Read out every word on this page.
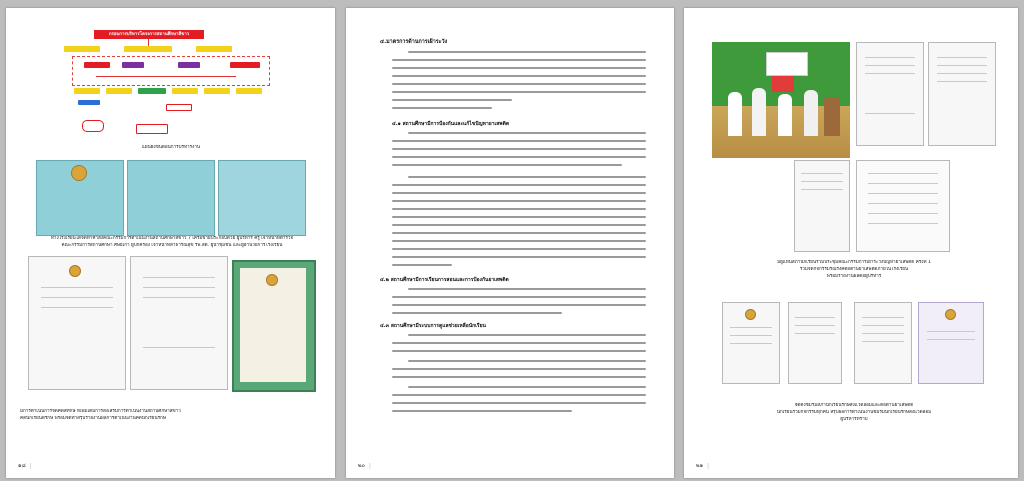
กรอบการบริหารโครงการสถานศึกษาสีขาว
แผนผังขั้นตอนการบริหารงาน
ทางโรงเรียนได้จัดทำคำสั่งคณะกรรมการดำเนินงานสถานศึกษาสีขาว 7 เครือข่ายประกอบด้วย ผู้บริหาร ครู เจ้าหน้าที่ตำรวจ
คณะกรรมการสถานศึกษา ศิษย์เก่า ผู้ปกครอง เจ้าหน้าที่สาธารณสุข รพ.สต. ผู้นำชุมชน และผู้อำนวยการโรงเรียน
มีการดำเนินการจัดคิดสิทักษ์ ที่เพิ่มเติมการส่งเสริมการดำเนินงานสถานศึกษาสีขาว
คดีนักเรียนดีรักษ์ พร้อมจัดทำสรุปรายงานผลการดำเนินงานคดีนักเรียนรักษ์
๑๘ |
๔.มาตรการด้านการเฝ้าระวัง
๔.๑ สถานศึกษามีการป้องกันและแก้ไขปัญหายาเสพติด
๔.๒ สถานศึกษามีการเรียนการสอนและการป้องกันยาเสพติด
๔.๓ สถานศึกษามีระบบการดูแลช่วยเหลือนักเรียน
๒๐ |
มีผู้แทนสภานักเรียนร่วมประชุมคณะกรรมการเฝ้าระวังปัญหายาเสพติด ครั้งที่ 1
ร่วมจัดกิจกรรมรณรงค์ต่อต้านยาเสพติดภายในโรงเรียน
พร้อมรายงานผลต่อผู้บริหาร
จัดตั้งชมรมสภานักเรียนรักษ์สิ่งแวดล้อมและต่อต้านยาเสพติด
นักเรียนร่วมกิจกรรมทุกคน สรุปผลการดำเนินงานชมรมนักเรียนรักษ์สิ่งแวดล้อม
ผู้บริหารทราบ
๒๑ |
